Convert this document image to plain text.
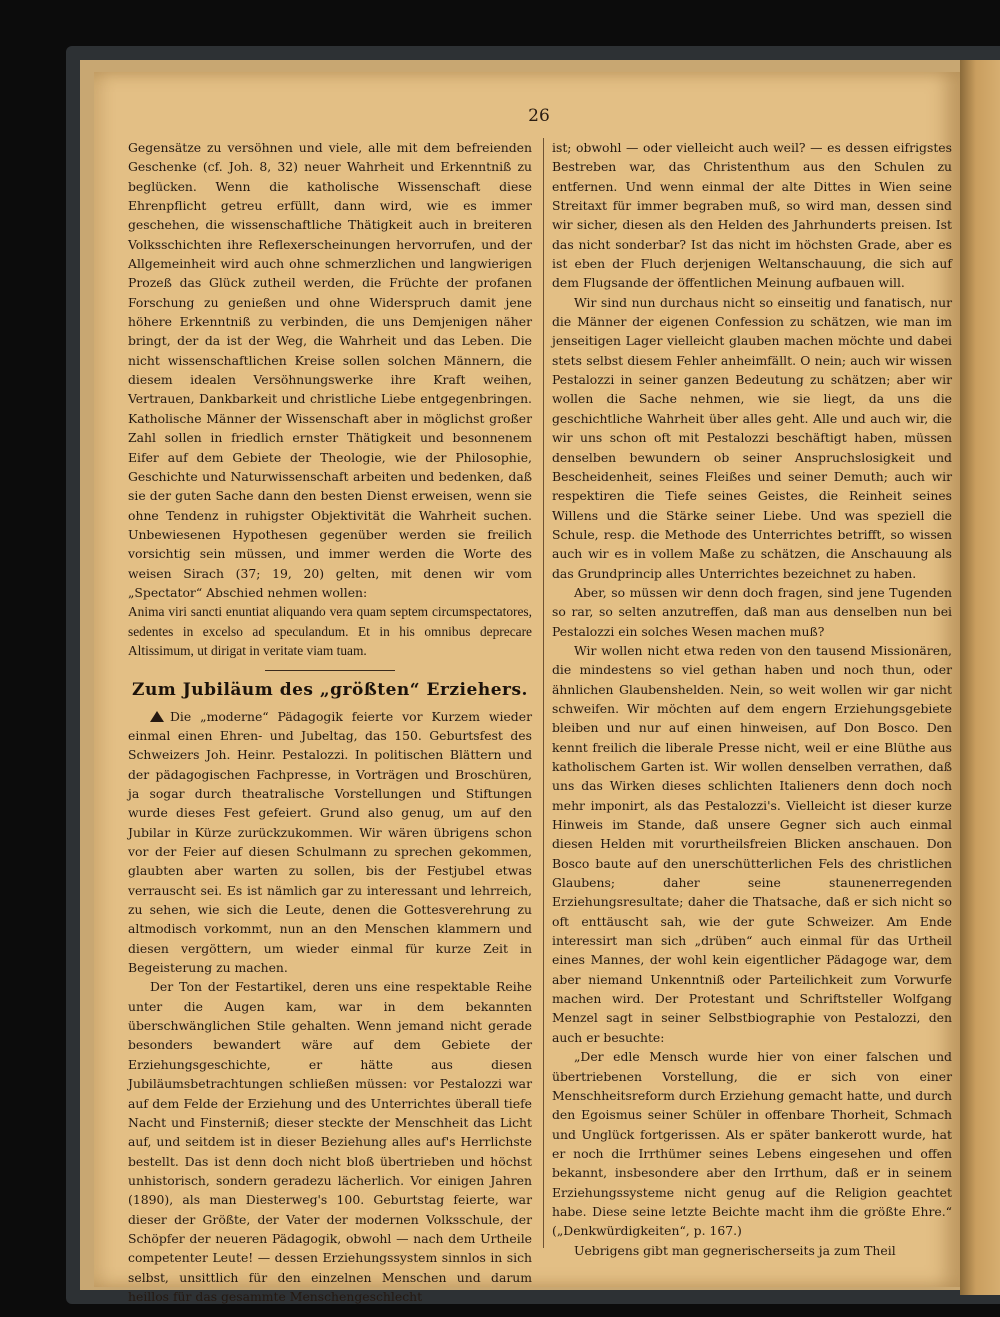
26

Gegensätze zu versöhnen und viele, alle mit dem befreienden Geschenke (cf. Joh. 8, 32) neuer Wahrheit und Erkenntniß zu beglücken. Wenn die katholische Wissenschaft diese Ehrenpflicht getreu erfüllt, dann wird, wie es immer geschehen, die wissenschaftliche Thätigkeit auch in breiteren Volksschichten ihre Reflexerscheinungen hervorrufen, und der Allgemeinheit wird auch ohne schmerzlichen und langwierigen Prozeß das Glück zutheil werden, die Früchte der profanen Forschung zu genießen und ohne Widerspruch damit jene höhere Erkenntniß zu verbinden, die uns Demjenigen näher bringt, der da ist der Weg, die Wahrheit und das Leben. Die nicht wissenschaftlichen Kreise sollen solchen Männern, die diesem idealen Versöhnungswerke ihre Kraft weihen, Vertrauen, Dankbarkeit und christliche Liebe entgegenbringen. Katholische Männer der Wissenschaft aber in möglichst großer Zahl sollen in friedlich ernster Thätigkeit und besonnenem Eifer auf dem Gebiete der Theologie, wie der Philosophie, Geschichte und Naturwissenschaft arbeiten und bedenken, daß sie der guten Sache dann den besten Dienst erweisen, wenn sie ohne Tendenz in ruhigster Objektivität die Wahrheit suchen. Unbewiesenen Hypothesen gegenüber werden sie freilich vorsichtig sein müssen, und immer werden die Worte des weisen Sirach (37; 19, 20) gelten, mit denen wir vom „Spectator“ Abschied nehmen wollen:

Anima viri sancti enuntiat aliquando vera quam septem circumspectatores, sedentes in excelso ad speculandum. Et in his omnibus deprecare Altissimum, ut dirigat in veritate viam tuam.

Zum Jubiläum des „größten“ Erziehers.

Die „moderne“ Pädagogik feierte vor Kurzem wieder einmal einen Ehren- und Jubeltag, das 150. Geburtsfest des Schweizers Joh. Heinr. Pestalozzi. In politischen Blättern und der pädagogischen Fachpresse, in Vorträgen und Broschüren, ja sogar durch theatralische Vorstellungen und Stiftungen wurde dieses Fest gefeiert. Grund also genug, um auf den Jubilar in Kürze zurückzukommen. Wir wären übrigens schon vor der Feier auf diesen Schulmann zu sprechen gekommen, glaubten aber warten zu sollen, bis der Festjubel etwas verrauscht sei. Es ist nämlich gar zu interessant und lehrreich, zu sehen, wie sich die Leute, denen die Gottesverehrung zu altmodisch vorkommt, nun an den Menschen klammern und diesen vergöttern, um wieder einmal für kurze Zeit in Begeisterung zu machen.

Der Ton der Festartikel, deren uns eine respektable Reihe unter die Augen kam, war in dem bekannten überschwänglichen Stile gehalten. Wenn jemand nicht gerade besonders bewandert wäre auf dem Gebiete der Erziehungsgeschichte, er hätte aus diesen Jubiläumsbetrachtungen schließen müssen: vor Pestalozzi war auf dem Felde der Erziehung und des Unterrichtes überall tiefe Nacht und Finsterniß; dieser steckte der Menschheit das Licht auf, und seitdem ist in dieser Beziehung alles auf's Herrlichste bestellt. Das ist denn doch nicht bloß übertrieben und höchst unhistorisch, sondern geradezu lächerlich. Vor einigen Jahren (1890), als man Diesterweg's 100. Geburtstag feierte, war dieser der Größte, der Vater der modernen Volksschule, der Schöpfer der neueren Pädagogik, obwohl — nach dem Urtheile competenter Leute! — dessen Erziehungssystem sinnlos in sich selbst, unsittlich für den einzelnen Menschen und darum heillos für das gesammte Menschengeschlecht

ist; obwohl — oder vielleicht auch weil? — es dessen eifrigstes Bestreben war, das Christenthum aus den Schulen zu entfernen. Und wenn einmal der alte Dittes in Wien seine Streitaxt für immer begraben muß, so wird man, dessen sind wir sicher, diesen als den Helden des Jahrhunderts preisen. Ist das nicht sonderbar? Ist das nicht im höchsten Grade, aber es ist eben der Fluch derjenigen Weltanschauung, die sich auf dem Flugsande der öffentlichen Meinung aufbauen will.

Wir sind nun durchaus nicht so einseitig und fanatisch, nur die Männer der eigenen Confession zu schätzen, wie man im jenseitigen Lager vielleicht glauben machen möchte und dabei stets selbst diesem Fehler anheimfällt. O nein; auch wir wissen Pestalozzi in seiner ganzen Bedeutung zu schätzen; aber wir wollen die Sache nehmen, wie sie liegt, da uns die geschichtliche Wahrheit über alles geht. Alle und auch wir, die wir uns schon oft mit Pestalozzi beschäftigt haben, müssen denselben bewundern ob seiner Anspruchslosigkeit und Bescheidenheit, seines Fleißes und seiner Demuth; auch wir respektiren die Tiefe seines Geistes, die Reinheit seines Willens und die Stärke seiner Liebe. Und was speziell die Schule, resp. die Methode des Unterrichtes betrifft, so wissen auch wir es in vollem Maße zu schätzen, die Anschauung als das Grundprincip alles Unterrichtes bezeichnet zu haben.

Aber, so müssen wir denn doch fragen, sind jene Tugenden so rar, so selten anzutreffen, daß man aus denselben nun bei Pestalozzi ein solches Wesen machen muß?

Wir wollen nicht etwa reden von den tausend Missionären, die mindestens so viel gethan haben und noch thun, oder ähnlichen Glaubenshelden. Nein, so weit wollen wir gar nicht schweifen. Wir möchten auf dem engern Erziehungsgebiete bleiben und nur auf einen hinweisen, auf Don Bosco. Den kennt freilich die liberale Presse nicht, weil er eine Blüthe aus katholischem Garten ist. Wir wollen denselben verrathen, daß uns das Wirken dieses schlichten Italieners denn doch noch mehr imponirt, als das Pestalozzi's. Vielleicht ist dieser kurze Hinweis im Stande, daß unsere Gegner sich auch einmal diesen Helden mit vorurtheilsfreien Blicken anschauen. Don Bosco baute auf den unerschütterlichen Fels des christlichen Glaubens; daher seine staunenerregenden Erziehungsresultate; daher die Thatsache, daß er sich nicht so oft enttäuscht sah, wie der gute Schweizer. Am Ende interessirt man sich „drüben“ auch einmal für das Urtheil eines Mannes, der wohl kein eigentlicher Pädagoge war, dem aber niemand Unkenntniß oder Parteilichkeit zum Vorwurfe machen wird. Der Protestant und Schriftsteller Wolfgang Menzel sagt in seiner Selbstbiographie von Pestalozzi, den auch er besuchte:

„Der edle Mensch wurde hier von einer falschen und übertriebenen Vorstellung, die er sich von einer Menschheitsreform durch Erziehung gemacht hatte, und durch den Egoismus seiner Schüler in offenbare Thorheit, Schmach und Unglück fortgerissen. Als er später bankerott wurde, hat er noch die Irrthümer seines Lebens eingesehen und offen bekannt, insbesondere aber den Irrthum, daß er in seinem Erziehungssysteme nicht genug auf die Religion geachtet habe. Diese seine letzte Beichte macht ihm die größte Ehre.“ („Denkwürdigkeiten“, p. 167.)

Uebrigens gibt man gegnerischerseits ja zum Theil
